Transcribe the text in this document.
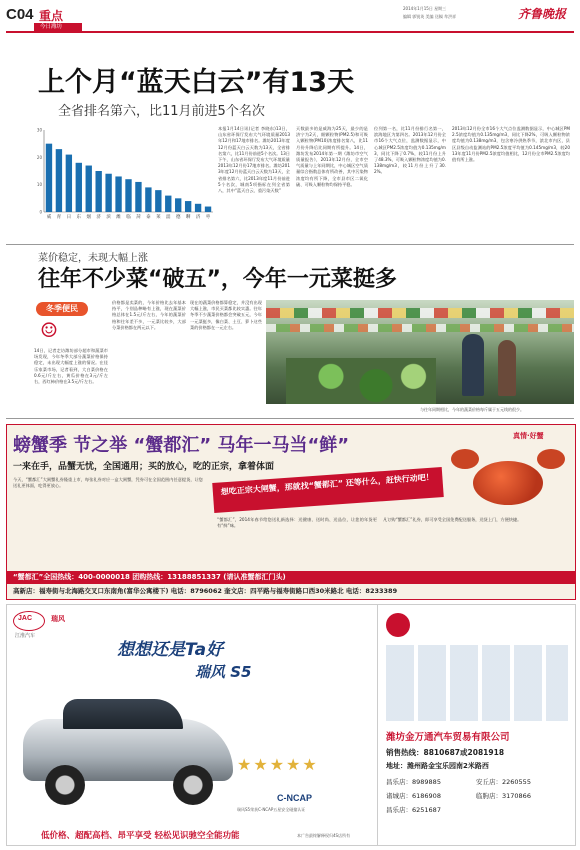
C04 重点
今日潍坊
2014年1月15日 星期三
编辑 郭锐英 美编 送稿 牟洪祥	齐鲁晚报
上个月“蓝天白云”有13天
全省排名第六，比11月前进5个名次
0
10
20
30
威 青 日 东 烟 济 滨 潍 临 菏 泰 莱 淄 德 聊 济 枣
本报1月14日讯(记者 李晓东)13日，山东省环保厅发布大气环境质量2013年12月和17地市排名。潍坊2013年度12月份蓝天白云天数为13天，全省排名第六，比11月份前进5个名次。13日下午，山东省环保厅发布大气环境质量2013年12月份17地市排名。潍坊2013年度12月份蓝天白云天数为13天，全省排名第六，比2013年度11月份前进5个名次，城南5项指标在列全省第八，其中“蓝天白云、重污染天数”
天数最多的是威海为25天，最少的是济宁为2天，细颗粒物(PM2.5)和可吸入颗粒物(PM10)浓度排名第八，比11月份升降后比同期有所提升。14日，潍坊发布2014年第一期《潍坊市空气质量报告》，2013年12月份，全市空气质量与上年同期比，中心城区空气质量综合指数总体有所改善，其中污染物浓度均有所下降，全市县市区二氧化硫、可吸入颗粒物均保持平稳。
位列第一名，比11月份排行名第一，滨海地区为第四名。2013年12月份全市16个大气点位，监测数据显示，中心城区PM2.5浓度均值为0.135mg/m3，同比下降了0.7%，较11月份上升了48.3%，可吸入颗粒物浓度均值为0.138mg/m3，较11月份上升了30.2%。
2013年12月份全市16个大气点位监测数据显示，中心城区PM2.5浓度均值为0.135mg/m3，同比下降2%，可吸入颗粒物浓度均值为0.138mg/m3，包含寒冷供热季节，滨北市内区，县区县级自动监测站的PM2.5浓度平均值为0.145mg/m3，较2013年度11月份PM2.5浓度均值相比，12月份全市PM2.5浓度均值有所上涨。
菜价稳定，未现大幅上涨
往年不少菜“破五”，今年一元菜挺多
冬季便民
☺
14日，记者走访潍坊部分超市和蔬菜市场发现，今年冬季大部分蔬菜价格保持稳定，未出现大幅度上涨的情况。在佳乐家菜市场，记者看到，大白菜价格在0.6元/斤左右，黄瓜价格在3元/斤左右，西红柿价格在3.5元/斤左右。
价格都是卖菜的，今年价格比去年基本持平，个别品种略有上涨，现在蔬菜价格总体在1.5元/斤左右，今年的蔬菜价格和往年差不多，一元菜比较多，大部分菜价格都在两元以下。
现在的蔬菜价格都算稳定，并没有出现大幅上涨，市民买菜都比较实惠。往年冬季不少蔬菜价格都会突破五元，今年一元菜挺多，像白菜、土豆、萝卜这些菜的价格都在一元左右。
与往年同期相比，今年的蔬菜价格每斤属于五元线的很少。
螃蟹季 节之举 “蟹都汇” 马年一马当“鲜”	真情·好蟹
一来在手，品蟹无忧，全国通用；买的放心，吃的正宗，拿着体面
想吃正宗大闸蟹，那就找“蟹都汇” 还等什么，赶快行动吧！
今天，“蟹都汇”大闸蟹礼券隆重上市，每张礼券对应一盒大闸蟹，凭券可在全国范围内任意提货，让您送礼更体面，吃得更放心。
“蟹都汇”，2014年春节给您送礼新选择：送健康、送时尚、送品位，让您的年货更有“鲜”味。
凡订购“蟹都汇”礼券，即可享受全国免费配送服务，送货上门，方便快捷。
“蟹都汇”全国热线：400-0000018 团购热线：13188851337 (请认准蟹都汇门头)
高新店：福寿街与北海路交叉口东南角(富华公寓楼下) 电话：8796062 奎文店：四平路与福寿街路口西30米路北 电话：8233389
JAC
江淮汽车
瑞风
想想还是Ta好
瑞风 S5
★★★★★
C-NCAP
瑞风S5荣获C-NCAP五星安全碰撞认证
低价格、超配高档、昂平享受 轻松见识驰空全能功能	本广告最终解释权归4S店所有
潍坊金万通汽车贸易有限公司
销售热线：8810687或2081918
地址：潍州路金宝乐园南2米路西
昌乐店：8989885	安丘店：2260555
诸城店：6186908	临朐店：3170866
昌乐店：6251687
